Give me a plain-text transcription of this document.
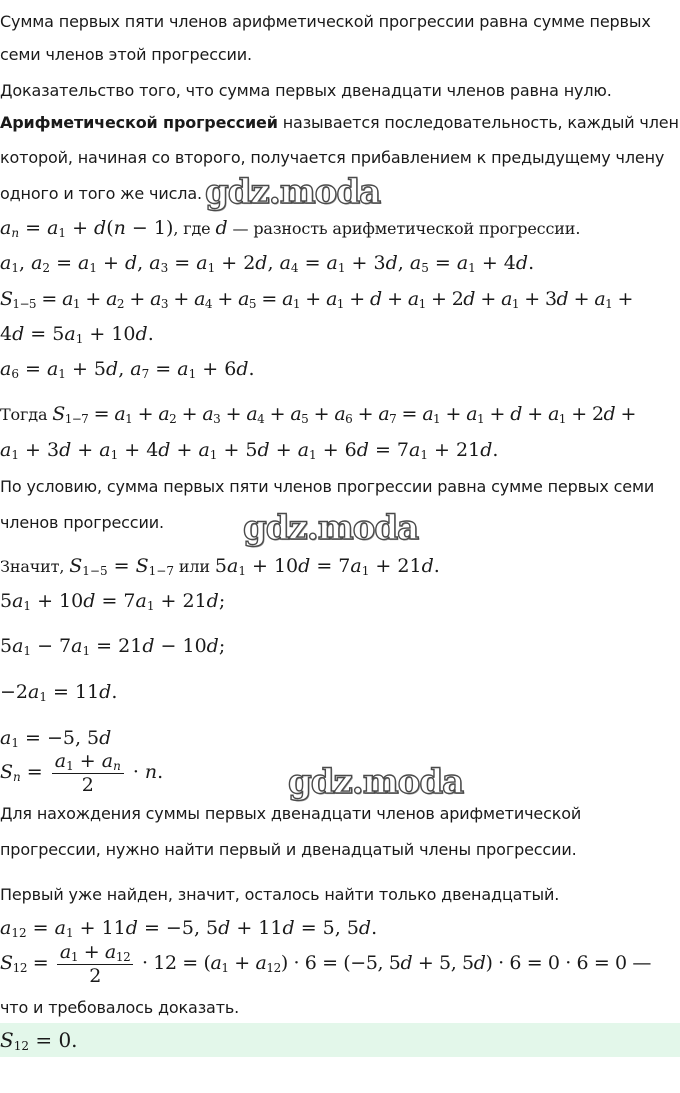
Сумма первых пяти членов арифметической прогрессии равна сумме первых
семи членов этой прогрессии.
Доказательство того, что сумма первых двенадцати членов равна нулю.
Арифметической прогрессией называется последовательность, каждый член
которой, начиная со второго, получается прибавлением к предыдущему члену
одного и того же числа. gdz.moda
$a_n = a_1 + d(n - 1)$, где d — разность арифметической прогрессии.
$a_1$, $a_2 = a_1 + d$, $a_3 = a_1 + 2d$, $a_4 = a_1 + 3d$, $a_5 = a_1 + 4d$.
$S_{1-5} = a_1 + a_2 + a_3 + a_4 + a_5 = a_1 + a_1 + d + a_1 + 2d + a_1 + 3d + a_1$ +
$4d = 5a_1 + 10d$.
$a_6 = a_1 + 5d$, $a_7 = a_1 + 6d$.
Тогда $S_{1-7} = a_1 + a_2 + a_3 + a_4 + a_5 + a_6 + a_7 = a_1 + a_1 + d + a_1 + 2d$ +
$a_1 + 3d + a_1 + 4d + a_1 + 5d + a_1 + 6d = 7a_1 + 21d$.
По условию, сумма первых пяти членов прогрессии равна сумме первых семи
членов прогрессии. gdz.moda
Значит, $S_{1-5} = S_{1-7}$ или $5a_1 + 10d = 7a_1 + 21d$.
$5a_1 + 10d = 7a_1 + 21d$;
$5a_1 - 7a_1 = 21d - 10d$;
$-2a_1 = 11d$.
$a_1 = -5$, 5d
$S_n = \frac{a_1 + a_n}{2} \cdot n$.	gdz.moda
Для нахождения суммы первых двенадцати членов арифметической
прогрессии, нужно найти первый и двенадцатый члены прогрессии.
Первый уже найден, значит, осталось найти только двенадцатый.
$a_{12} = a_1 + 11d = -5$, 5d + 11d = 5, 5d.
$S_{12} = \frac{a_1 + a_{12}}{2} \cdot 12 = (a_1 + a_{12}) \cdot 6 = (-5$, 5d + 5, 5d) · 6 = 0 · 6 = 0 —
что и требовалось доказать.
$S_{12} = 0$.
